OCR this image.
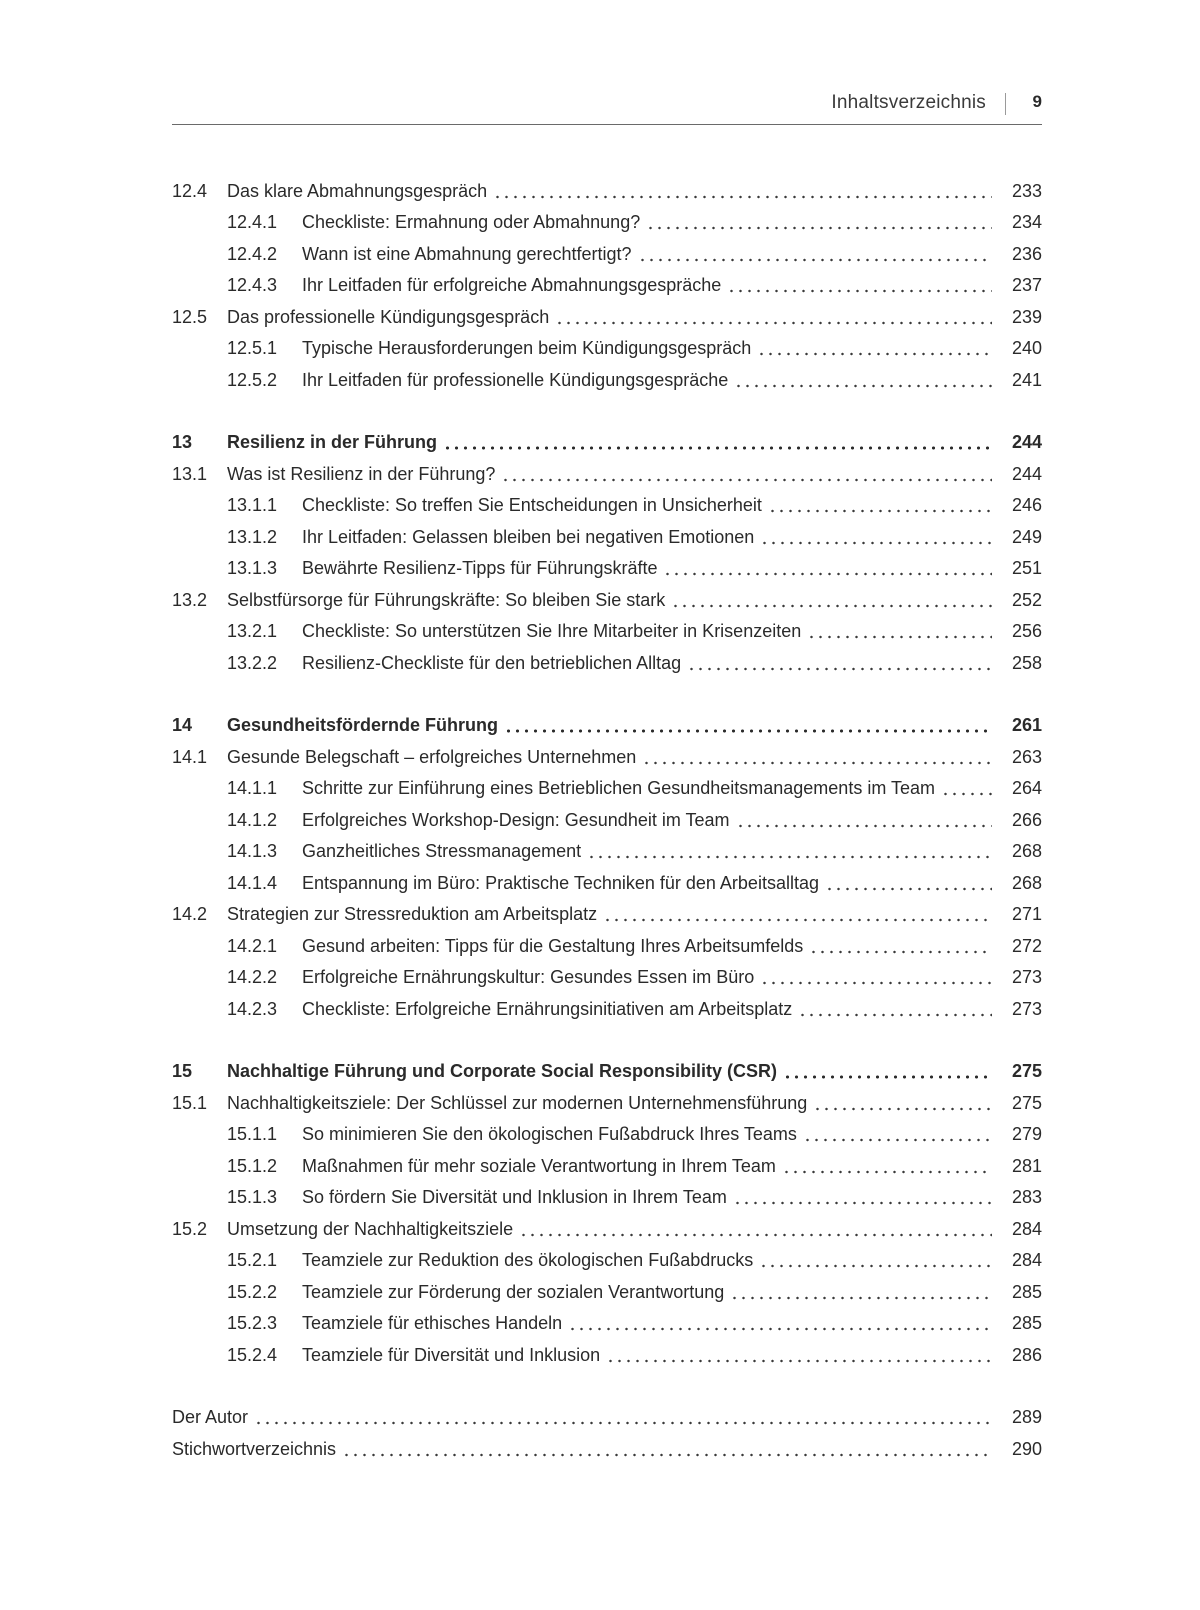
Inhaltsverzeichnis	9
12.4	Das klare Abmahnungsgespräch	233
12.4.1	Checkliste: Ermahnung oder Abmahnung?	234
12.4.2	Wann ist eine Abmahnung gerechtfertigt?	236
12.4.3	Ihr Leitfaden für erfolgreiche Abmahnungsgespräche	237
12.5	Das professionelle Kündigungsgespräch	239
12.5.1	Typische Herausforderungen beim Kündigungsgespräch	240
12.5.2	Ihr Leitfaden für professionelle Kündigungsgespräche	241
13	Resilienz in der Führung	244
13.1	Was ist Resilienz in der Führung?	244
13.1.1	Checkliste: So treffen Sie Entscheidungen in Unsicherheit	246
13.1.2	Ihr Leitfaden: Gelassen bleiben bei negativen Emotionen	249
13.1.3	Bewährte Resilienz-Tipps für Führungskräfte	251
13.2	Selbstfürsorge für Führungskräfte: So bleiben Sie stark	252
13.2.1	Checkliste: So unterstützen Sie Ihre Mitarbeiter in Krisenzeiten	256
13.2.2	Resilienz-Checkliste für den betrieblichen Alltag	258
14	Gesundheitsfördernde Führung	261
14.1	Gesunde Belegschaft – erfolgreiches Unternehmen	263
14.1.1	Schritte zur Einführung eines Betrieblichen Gesundheitsmanagements im Team	264
14.1.2	Erfolgreiches Workshop-Design: Gesundheit im Team	266
14.1.3	Ganzheitliches Stressmanagement	268
14.1.4	Entspannung im Büro: Praktische Techniken für den Arbeitsalltag	268
14.2	Strategien zur Stressreduktion am Arbeitsplatz	271
14.2.1	Gesund arbeiten: Tipps für die Gestaltung Ihres Arbeitsumfelds	272
14.2.2	Erfolgreiche Ernährungskultur: Gesundes Essen im Büro	273
14.2.3	Checkliste: Erfolgreiche Ernährungsinitiativen am Arbeitsplatz	273
15	Nachhaltige Führung und Corporate Social Responsibility (CSR)	275
15.1	Nachhaltigkeitsziele: Der Schlüssel zur modernen Unternehmensführung	275
15.1.1	So minimieren Sie den ökologischen Fußabdruck Ihres Teams	279
15.1.2	Maßnahmen für mehr soziale Verantwortung in Ihrem Team	281
15.1.3	So fördern Sie Diversität und Inklusion in Ihrem Team	283
15.2	Umsetzung der Nachhaltigkeitsziele	284
15.2.1	Teamziele zur Reduktion des ökologischen Fußabdrucks	284
15.2.2	Teamziele zur Förderung der sozialen Verantwortung	285
15.2.3	Teamziele für ethisches Handeln	285
15.2.4	Teamziele für Diversität und Inklusion	286
Der Autor	289
Stichwortverzeichnis	290
